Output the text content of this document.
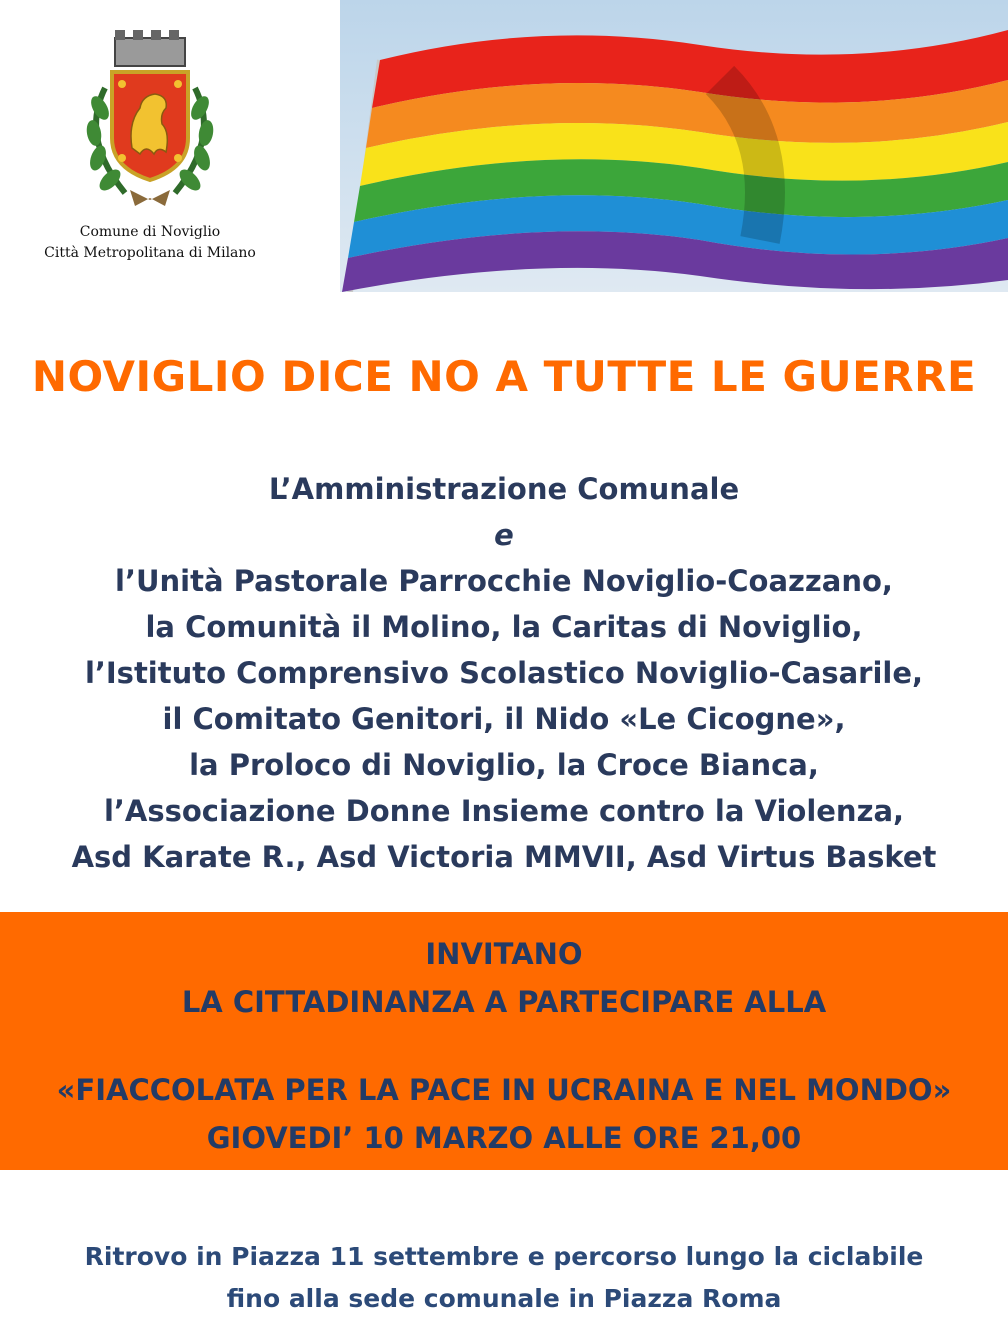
Comune di Noviglio
Città Metropolitana di Milano
NOVIGLIO DICE NO A TUTTE LE GUERRE
L’Amministrazione Comunale
e
l’Unità Pastorale Parrocchie Noviglio-Coazzano,
la Comunità il Molino, la Caritas di Noviglio,
l’Istituto Comprensivo Scolastico Noviglio-Casarile,
il Comitato Genitori, il Nido «Le Cicogne»,
la Proloco di Noviglio, la Croce Bianca,
l’Associazione Donne Insieme contro la Violenza,
Asd Karate R., Asd Victoria MMVII, Asd Virtus Basket
INVITANO
LA CITTADINANZA A PARTECIPARE ALLA
«FIACCOLATA PER LA PACE IN UCRAINA E NEL MONDO»
GIOVEDI’ 10 MARZO ALLE ORE 21,00
Ritrovo in Piazza 11 settembre e percorso lungo la ciclabile
fino alla sede comunale in Piazza Roma
